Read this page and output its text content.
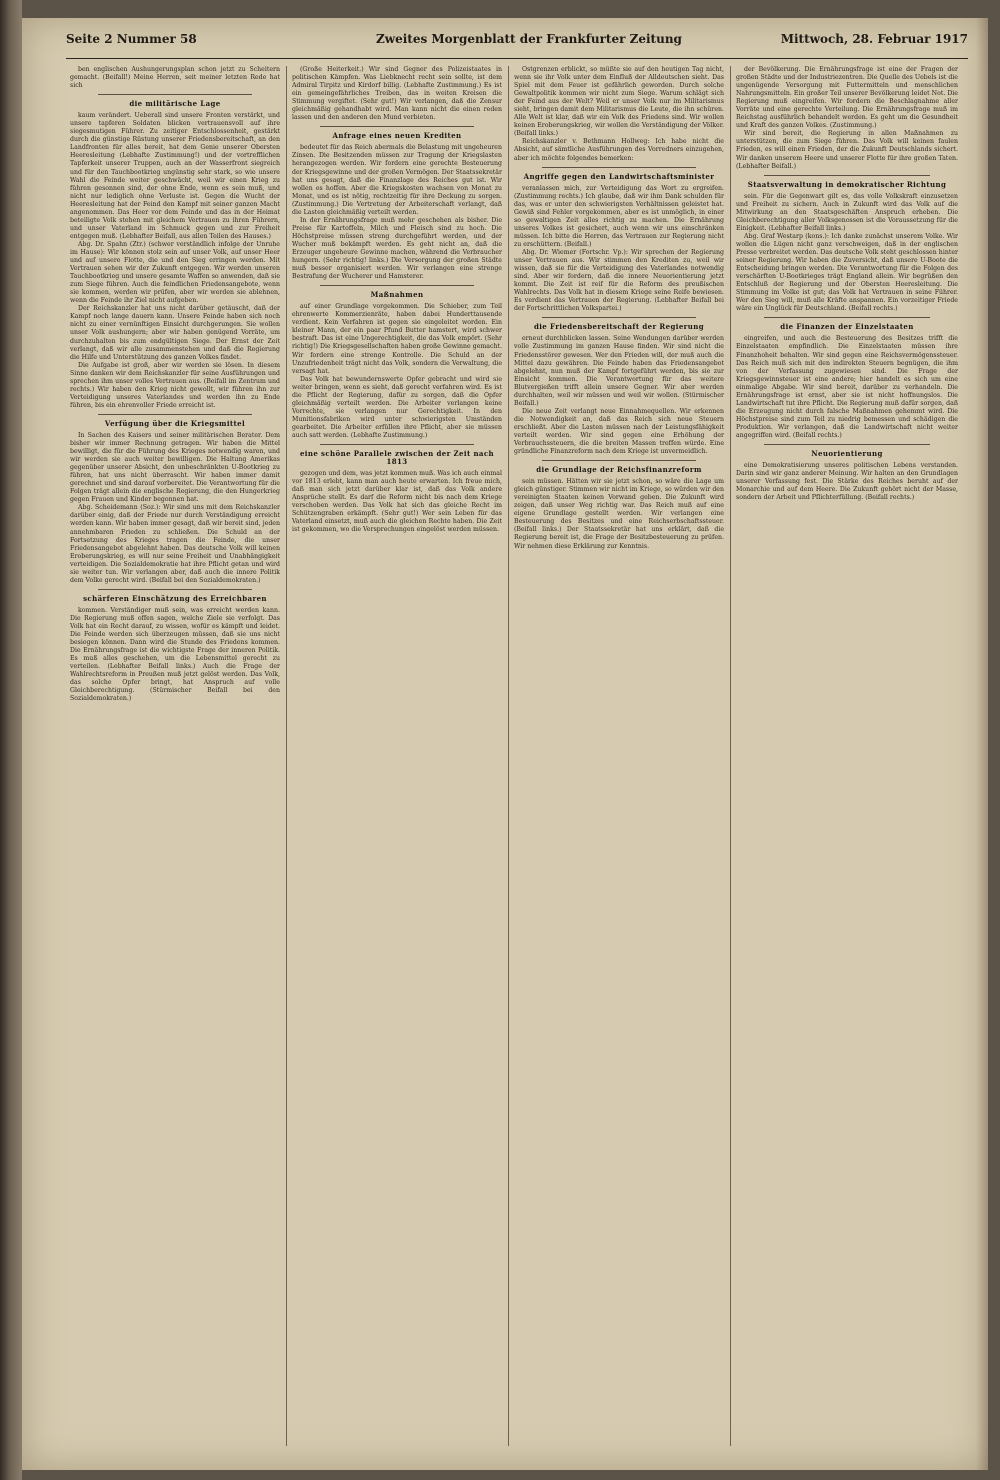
Seite 2 Nummer 58	Zweites Morgenblatt der Frankfurter Zeitung	Mittwoch, 28. Februar 1917

ben englischen Aushungerungsplan schon jetzt zu Scheitern gemacht. (Beifall!) Meine Herren, seit meiner letzten Rede hat sich

die militärische Lage

kaum verändert. Ueberall sind unsere Fronten verstärkt, und unsere tapferen Soldaten blicken vertrauensvoll auf ihre siegesmutigen Führer. Zu zeitiger Entschlossenheit, gestärkt durch die günstige Rüstung unserer Friedensbereitschaft, an den Landfronten für alles bereit, hat dem Genie unserer Obersten Heeresleitung (Lebhafte Zustimmung!) und der vortrefflichen Tapferkeit unserer Truppen, auch an der Wasserfront siegreich und für den Tauchbootkrieg ungünstig sehr stark, so wie unsere Wahl die Feinde weiter geschwächt, weil wir einen Krieg zu führen gesonnen sind, der ohne Ende, wenn es sein muß, und nicht nur lediglich ohne Verluste ist. Gegen die Wucht der Heeresleitung hat der Feind den Kampf mit seiner ganzen Macht angenommen. Das Heer vor dem Feinde und das in der Heimat beteiligte Volk stehen mit gleichem Vertrauen zu ihren Führern, und unser Vaterland im Schmuck gegen und zur Freiheit entgegen muß. (Lebhafter Beifall, aus allen Teilen des Hauses.)

Abg. Dr. Spahn (Ztr.) (schwer verständlich infolge der Unruhe im Hause): Wir können stolz sein auf unser Volk, auf unser Heer und auf unsere Flotte, die und den Sieg erringen werden. Mit Vertrauen sehen wir der Zukunft entgegen. Wir werden unseren Tauchbootkrieg und unsere gesamte Waffen so anwenden, daß sie zum Siege führen. Auch die feindlichen Friedensangebote, wenn sie kommen, werden wir prüfen, aber wir werden sie ablehnen, wenn die Feinde ihr Ziel nicht aufgeben.

Der Reichskanzler hat uns nicht darüber getäuscht, daß der Kampf noch lange dauern kann. Unsere Feinde haben sich noch nicht zu einer vernünftigen Einsicht durchgerungen. Sie wollen unser Volk aushungern; aber wir haben genügend Vorräte, um durchzuhalten bis zum endgültigen Siege. Der Ernst der Zeit verlangt, daß wir alle zusammenstehen und daß die Regierung die Hilfe und Unterstützung des ganzen Volkes findet.

Die Aufgabe ist groß, aber wir werden sie lösen. In diesem Sinne danken wir dem Reichskanzler für seine Ausführungen und sprechen ihm unser volles Vertrauen aus. (Beifall im Zentrum und rechts.) Wir haben den Krieg nicht gewollt, wir führen ihn zur Verteidigung unseres Vaterlandes und werden ihn zu Ende führen, bis ein ehrenvoller Friede erreicht ist.

Verfügung über die Kriegsmittel

In Sachen des Kaisers und seiner militärischen Berater. Dem bisher wir immer Rechnung getragen. Wir haben die Mittel bewilligt, die für die Führung des Krieges notwendig waren, und wir werden sie auch weiter bewilligen. Die Haltung Amerikas gegenüber unserer Absicht, den unbeschränkten U-Bootkrieg zu führen, hat uns nicht überrascht. Wir haben immer damit gerechnet und sind darauf vorbereitet. Die Verantwortung für die Folgen trägt allein die englische Regierung, die den Hungerkrieg gegen Frauen und Kinder begonnen hat.

Abg. Scheidemann (Soz.): Wir sind uns mit dem Reichskanzler darüber einig, daß der Friede nur durch Verständigung erreicht werden kann. Wir haben immer gesagt, daß wir bereit sind, jeden annehmbaren Frieden zu schließen. Die Schuld an der Fortsetzung des Krieges tragen die Feinde, die unser Friedensangebot abgelehnt haben. Das deutsche Volk will keinen Eroberungskrieg, es will nur seine Freiheit und Unabhängigkeit verteidigen. Die Sozialdemokratie hat ihre Pflicht getan und wird sie weiter tun. Wir verlangen aber, daß auch die innere Politik dem Volke gerecht wird. (Beifall bei den Sozialdemokraten.)

schärferen Einschätzung des Erreichbaren

kommen. Verständiger muß sein, was erreicht werden kann. Die Regierung muß offen sagen, welche Ziele sie verfolgt. Das Volk hat ein Recht darauf, zu wissen, wofür es kämpft und leidet. Die Feinde werden sich überzeugen müssen, daß sie uns nicht besiegen können. Dann wird die Stunde des Friedens kommen. Die Ernährungsfrage ist die wichtigste Frage der inneren Politik. Es muß alles geschehen, um die Lebensmittel gerecht zu verteilen. (Lebhafter Beifall links.) Auch die Frage der Wahlrechtsreform in Preußen muß jetzt gelöst werden. Das Volk, das solche Opfer bringt, hat Anspruch auf volle Gleichberechtigung. (Stürmischer Beifall bei den Sozialdemokraten.)

(Große Heiterkeit.) Wir sind Gegner des Polizeistaates in politischen Kämpfen. Was Liebknecht recht sein sollte, ist dem Admiral Tirpitz und Kirdorf billig. (Lebhafte Zustimmung.) Es ist ein gemeingefährliches Treiben, das in weiten Kreisen die Stimmung vergiftet. (Sehr gut!) Wir verlangen, daß die Zensur gleichmäßig gehandhabt wird. Man kann nicht die einen reden lassen und den anderen den Mund verbieten.

Anfrage eines neuen Krediten

bedeutet für das Reich abermals die Belastung mit ungeheuren Zinsen. Die Besitzenden müssen zur Tragung der Kriegslasten herangezogen werden. Wir fordern eine gerechte Besteuerung der Kriegsgewinne und der großen Vermögen. Der Staatssekretär hat uns gesagt, daß die Finanzlage des Reiches gut ist. Wir wollen es hoffen. Aber die Kriegskosten wachsen von Monat zu Monat, und es ist nötig, rechtzeitig für ihre Deckung zu sorgen. (Zustimmung.) Die Vertretung der Arbeiterschaft verlangt, daß die Lasten gleichmäßig verteilt werden.

In der Ernährungsfrage muß mehr geschehen als bisher. Die Preise für Kartoffeln, Milch und Fleisch sind zu hoch. Die Höchstpreise müssen streng durchgeführt werden, und der Wucher muß bekämpft werden. Es geht nicht an, daß die Erzeuger ungeheure Gewinne machen, während die Verbraucher hungern. (Sehr richtig! links.) Die Versorgung der großen Städte muß besser organisiert werden. Wir verlangen eine strenge Bestrafung der Wucherer und Hamsterer.

Maßnahmen

auf einer Grundlage vorgekommen. Die Schieber, zum Teil ehrenwerte Kommerzienräte, haben dabei Hunderttausende verdient. Kein Verfahren ist gegen sie eingeleitet worden. Ein kleiner Mann, der ein paar Pfund Butter hamstert, wird schwer bestraft. Das ist eine Ungerechtigkeit, die das Volk empört. (Sehr richtig!) Die Kriegsgesellschaften haben große Gewinne gemacht. Wir fordern eine strenge Kontrolle. Die Schuld an der Unzufriedenheit trägt nicht das Volk, sondern die Verwaltung, die versagt hat.

Das Volk hat bewundernswerte Opfer gebracht und wird sie weiter bringen, wenn es sieht, daß gerecht verfahren wird. Es ist die Pflicht der Regierung, dafür zu sorgen, daß die Opfer gleichmäßig verteilt werden. Die Arbeiter verlangen keine Vorrechte, sie verlangen nur Gerechtigkeit. In den Munitionsfabriken wird unter schwierigsten Umständen gearbeitet. Die Arbeiter erfüllen ihre Pflicht, aber sie müssen auch satt werden. (Lebhafte Zustimmung.)

eine schöne Parallele zwischen der Zeit nach 1813

gezogen und dem, was jetzt kommen muß. Was ich auch einmal vor 1813 erlebt, kann man auch heute erwarten. Ich freue mich, daß man sich jetzt darüber klar ist, daß das Volk andere Ansprüche stellt. Es darf die Reform nicht bis nach dem Kriege verschoben werden. Das Volk hat sich das gleiche Recht im Schützengraben erkämpft. (Sehr gut!) Wer sein Leben für das Vaterland einsetzt, muß auch die gleichen Rechte haben. Die Zeit ist gekommen, wo die Versprechungen eingelöst werden müssen.

Ostgrenzen erblickt, so müßte sie auf den heutigen Tag nicht, wenn sie ihr Volk unter dem Einfluß der Alldeutschen sieht. Das Spiel mit dem Feuer ist gefährlich geworden. Durch solche Gewaltpolitik kommen wir nicht zum Siege. Warum schlägt sich der Feind aus der Welt? Weil er unser Volk nur im Militarismus sieht, bringen damit dem Militarismus die Leute, die ihn schüren. Alle Welt ist klar, daß wir ein Volk des Friedens sind. Wir wollen keinen Eroberungskrieg, wir wollen die Verständigung der Völker. (Beifall links.)

Reichskanzler v. Bethmann Hollweg: Ich habe nicht die Absicht, auf sämtliche Ausführungen des Vorredners einzugehen, aber ich möchte folgendes bemerken:

Angriffe gegen den Landwirtschaftsminister

veranlassen mich, zur Verteidigung das Wort zu ergreifen. (Zustimmung rechts.) Ich glaube, daß wir ihm Dank schulden für das, was er unter den schwierigsten Verhältnissen geleistet hat. Gewiß sind Fehler vorgekommen, aber es ist unmöglich, in einer so gewaltigen Zeit alles richtig zu machen. Die Ernährung unseres Volkes ist gesichert, auch wenn wir uns einschränken müssen. Ich bitte die Herren, das Vertrauen zur Regierung nicht zu erschüttern. (Beifall.)

Abg. Dr. Wiemer (Fortschr. Vp.): Wir sprechen der Regierung unser Vertrauen aus. Wir stimmen den Krediten zu, weil wir wissen, daß sie für die Verteidigung des Vaterlandes notwendig sind. Aber wir fordern, daß die innere Neuorientierung jetzt kommt. Die Zeit ist reif für die Reform des preußischen Wahlrechts. Das Volk hat in diesem Kriege seine Reife bewiesen. Es verdient das Vertrauen der Regierung. (Lebhafter Beifall bei der Fortschrittlichen Volkspartei.)

die Friedensbereitschaft der Regierung

erneut durchblicken lassen. Seine Wendungen darüber werden volle Zustimmung im ganzen Hause finden. Wir sind nicht die Friedensstörer gewesen. Wer den Frieden will, der muß auch die Mittel dazu gewähren. Die Feinde haben das Friedensangebot abgelehnt, nun muß der Kampf fortgeführt werden, bis sie zur Einsicht kommen. Die Verantwortung für das weitere Blutvergießen trifft allein unsere Gegner. Wir aber werden durchhalten, weil wir müssen und weil wir wollen. (Stürmischer Beifall.)

Die neue Zeit verlangt neue Einnahmequellen. Wir erkennen die Notwendigkeit an, daß das Reich sich neue Steuern erschließt. Aber die Lasten müssen nach der Leistungsfähigkeit verteilt werden. Wir sind gegen eine Erhöhung der Verbrauchssteuern, die die breiten Massen treffen würde. Eine gründliche Finanzreform nach dem Kriege ist unvermeidlich.

die Grundlage der Reichsfinanzreform

sein müssen. Hätten wir sie jetzt schon, so wäre die Lage um gleich günstiger. Stimmen wir nicht im Kriege, so würden wir den vereinigten Staaten keinen Vorwand geben. Die Zukunft wird zeigen, daß unser Weg richtig war. Das Reich muß auf eine eigene Grundlage gestellt werden. Wir verlangen eine Besteuerung des Besitzes und eine Reichserbschaftssteuer. (Beifall links.) Der Staatssekretär hat uns erklärt, daß die Regierung bereit ist, die Frage der Besitzbesteuerung zu prüfen. Wir nehmen diese Erklärung zur Kenntnis.

der Bevölkerung. Die Ernährungsfrage ist eine der Fragen der großen Städte und der Industriezentren. Die Quelle des Uebels ist die ungenügende Versorgung mit Futtermitteln und menschlichen Nahrungsmitteln. Ein großer Teil unserer Bevölkerung leidet Not. Die Regierung muß eingreifen. Wir fordern die Beschlagnahme aller Vorräte und eine gerechte Verteilung. Die Ernährungsfrage muß im Reichstag ausführlich behandelt werden. Es geht um die Gesundheit und Kraft des ganzen Volkes. (Zustimmung.)

Wir sind bereit, die Regierung in allen Maßnahmen zu unterstützen, die zum Siege führen. Das Volk will keinen faulen Frieden, es will einen Frieden, der die Zukunft Deutschlands sichert. Wir danken unserem Heere und unserer Flotte für ihre großen Taten. (Lebhafter Beifall.)

Staatsverwaltung in demokratischer Richtung

sein. Für die Gegenwart gilt es, das volle Volkskraft einzusetzen und Freiheit zu sichern. Auch in Zukunft wird das Volk auf die Mitwirkung an den Staatsgeschäften Anspruch erheben. Die Gleichberechtigung aller Volksgenossen ist die Voraussetzung für die Einigkeit. (Lebhafter Beifall links.)

Abg. Graf Westarp (kons.): Ich danke zunächst unserem Volke. Wir wollen die Lügen nicht ganz verschweigen, daß in der englischen Presse verbreitet werden. Das deutsche Volk steht geschlossen hinter seiner Regierung. Wir haben die Zuversicht, daß unsere U-Boote die Entscheidung bringen werden. Die Verantwortung für die Folgen des verschärften U-Bootkrieges trägt England allein. Wir begrüßen den Entschluß der Regierung und der Obersten Heeresleitung. Die Stimmung im Volke ist gut; das Volk hat Vertrauen in seine Führer. Wer den Sieg will, muß alle Kräfte anspannen. Ein vorzeitiger Friede wäre ein Unglück für Deutschland. (Beifall rechts.)

die Finanzen der Einzelstaaten

eingreifen, und auch die Besteuerung des Besitzes trifft die Einzelstaaten empfindlich. Die Einzelstaaten müssen ihre Finanzhoheit behalten. Wir sind gegen eine Reichsvermögenssteuer. Das Reich muß sich mit den indirekten Steuern begnügen, die ihm von der Verfassung zugewiesen sind. Die Frage der Kriegsgewinnsteuer ist eine andere; hier handelt es sich um eine einmalige Abgabe. Wir sind bereit, darüber zu verhandeln. Die Ernährungsfrage ist ernst, aber sie ist nicht hoffnungslos. Die Landwirtschaft tut ihre Pflicht. Die Regierung muß dafür sorgen, daß die Erzeugung nicht durch falsche Maßnahmen gehemmt wird. Die Höchstpreise sind zum Teil zu niedrig bemessen und schädigen die Produktion. Wir verlangen, daß die Landwirtschaft nicht weiter angegriffen wird. (Beifall rechts.)

Neuorientierung

eine Demokratisierung unseres politischen Lebens verstanden. Darin sind wir ganz anderer Meinung. Wir halten an den Grundlagen unserer Verfassung fest. Die Stärke des Reiches beruht auf der Monarchie und auf dem Heere. Die Zukunft gehört nicht der Masse, sondern der Arbeit und Pflichterfüllung. (Beifall rechts.)
